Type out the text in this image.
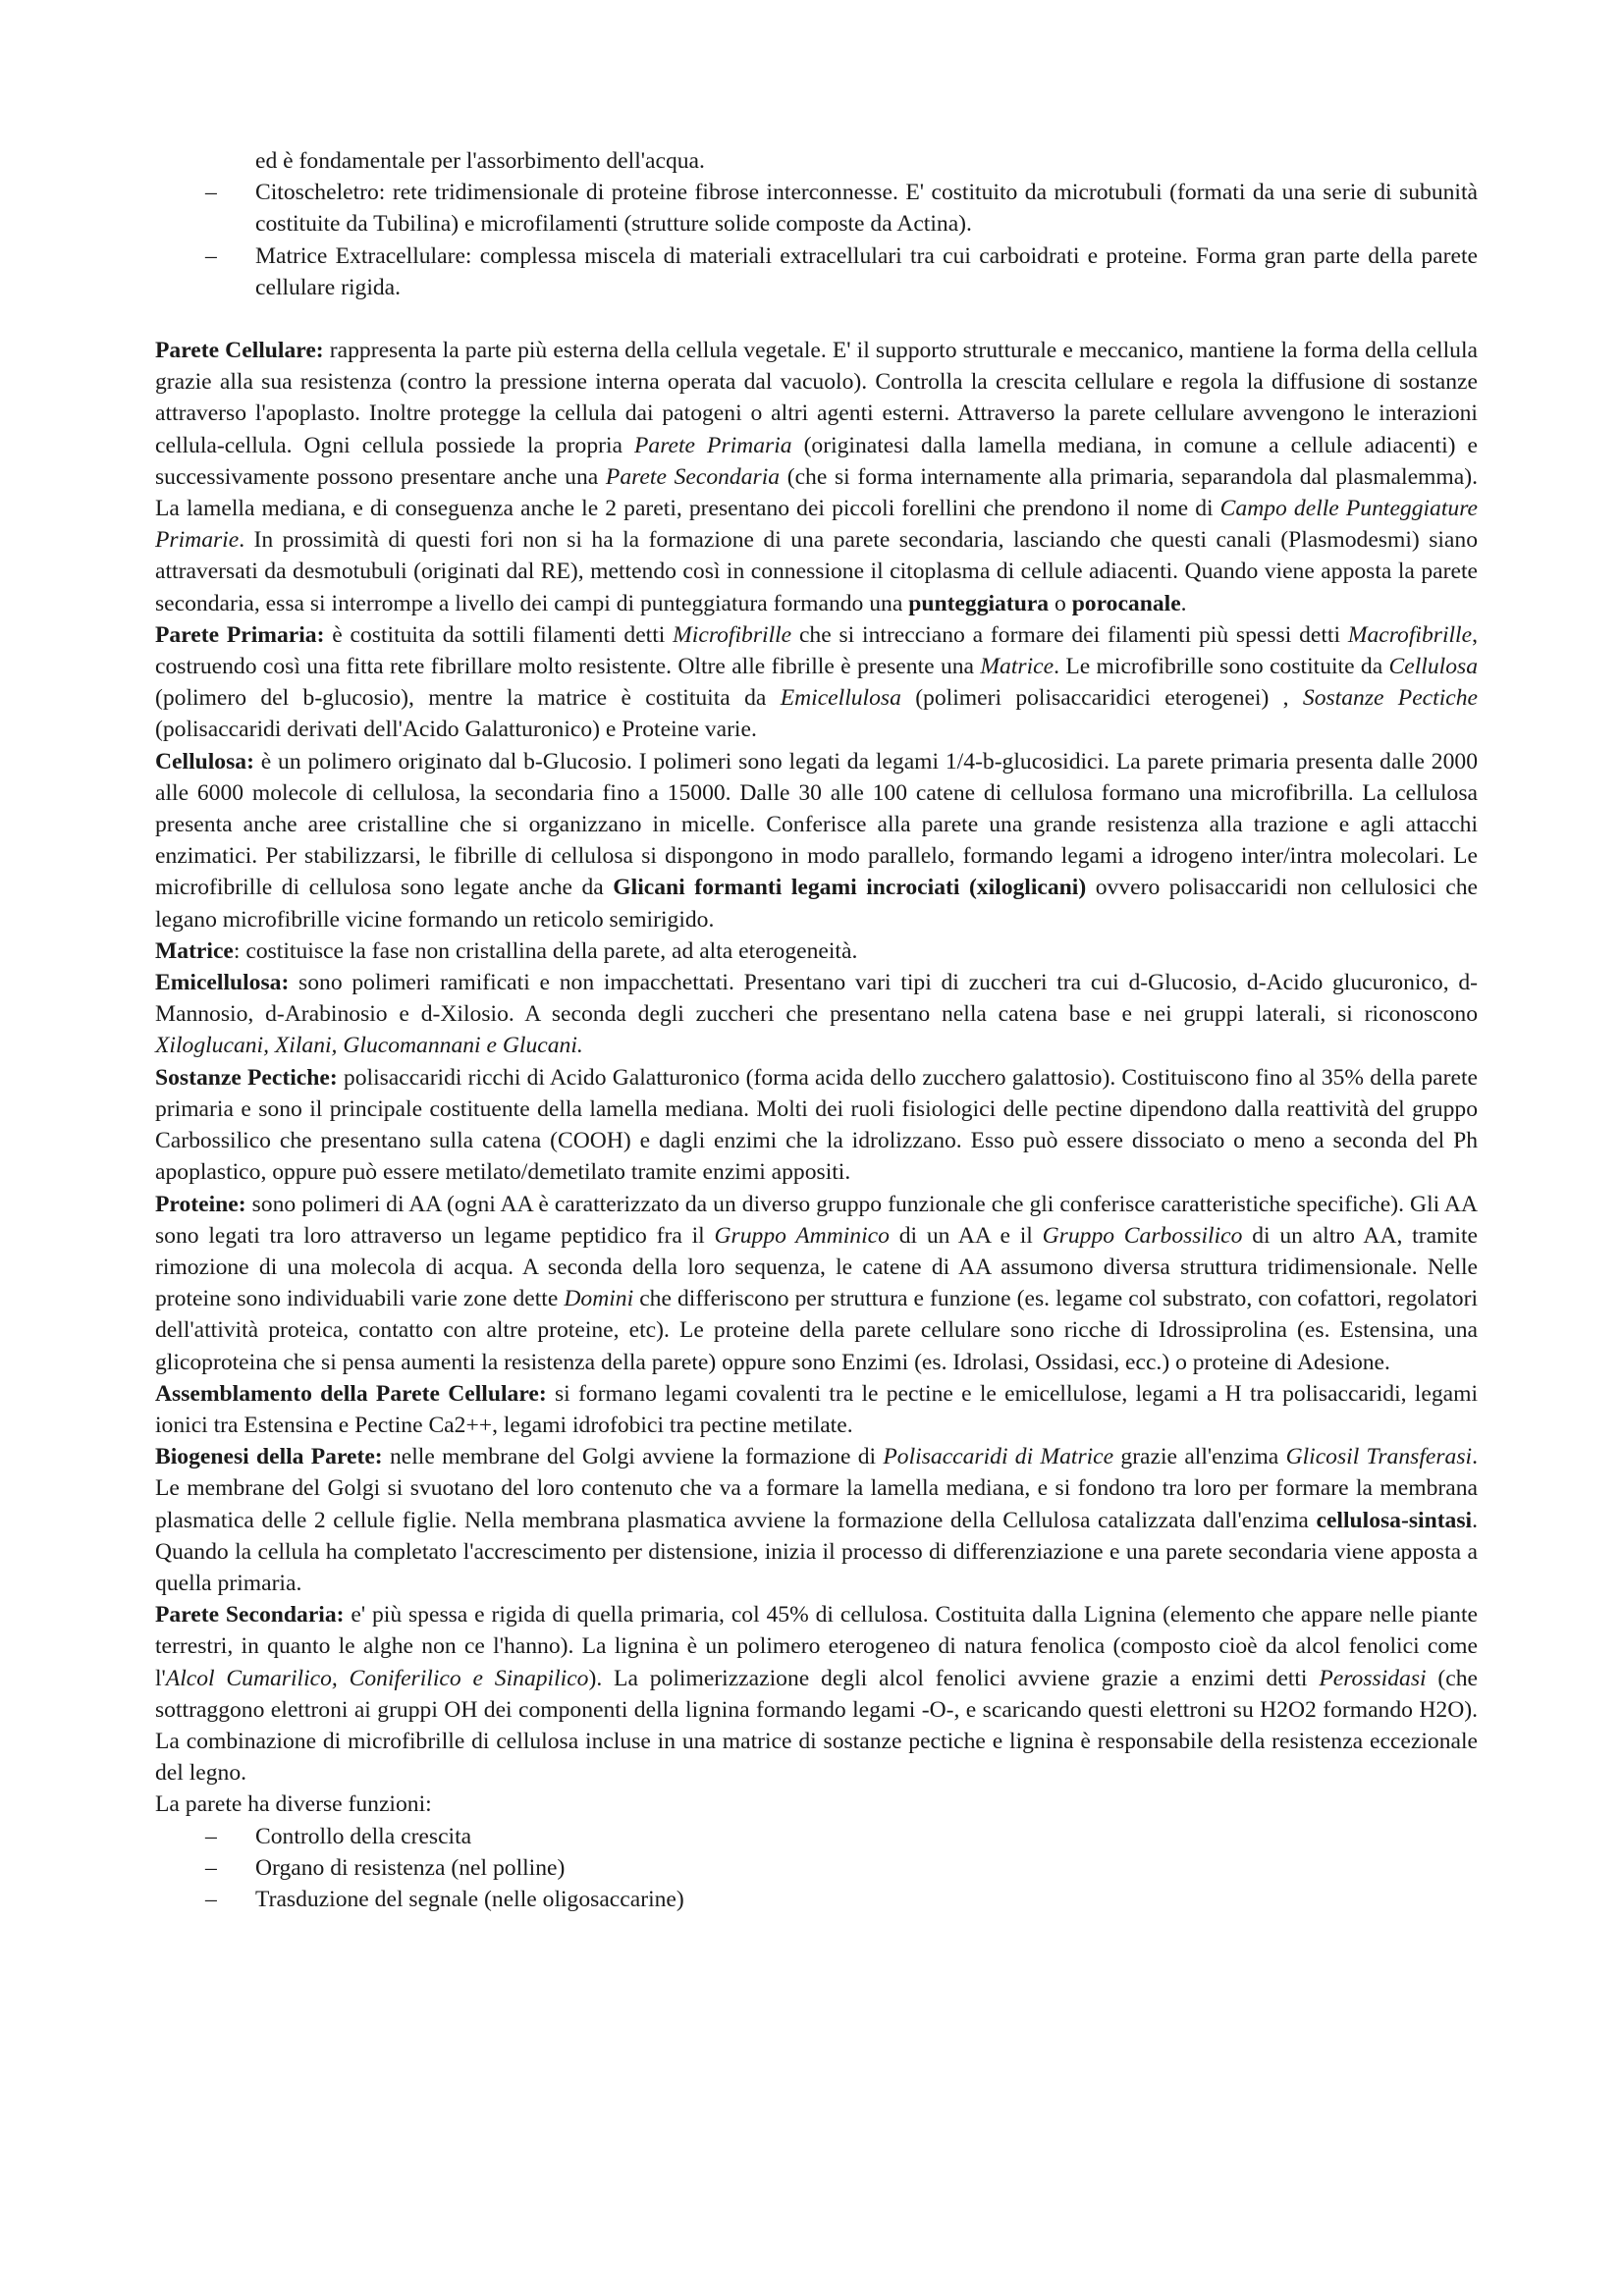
ed è fondamentale per l'assorbimento dell'acqua.
–
Citoscheletro: rete tridimensionale di proteine fibrose interconnesse. E' costituito da microtubuli (formati da una serie di subunità costituite da Tubilina) e microfilamenti (strutture solide composte da Actina).
–
Matrice Extracellulare: complessa miscela di materiali extracellulari tra cui carboidrati e proteine. Forma gran parte della parete cellulare rigida.

Parete Cellulare: rappresenta la parte più esterna della cellula vegetale. E' il supporto strutturale e meccanico, mantiene la forma della cellula grazie alla sua resistenza (contro la pressione interna operata dal vacuolo). Controlla la crescita cellulare e regola la diffusione di sostanze attraverso l'apoplasto. Inoltre protegge la cellula dai patogeni o altri agenti esterni. Attraverso la parete cellulare avvengono le interazioni cellula-cellula. Ogni cellula possiede la propria Parete Primaria (originatesi dalla lamella mediana, in comune a cellule adiacenti) e successivamente possono presentare anche una Parete Secondaria (che si forma internamente alla primaria, separandola dal plasmalemma). La lamella mediana, e di conseguenza anche le 2 pareti, presentano dei piccoli forellini che prendono il nome di Campo delle Punteggiature Primarie. In prossimità di questi fori non si ha la formazione di una parete secondaria, lasciando che questi canali (Plasmodesmi) siano attraversati da desmotubuli (originati dal RE), mettendo così in connessione il citoplasma di cellule adiacenti. Quando viene apposta la parete secondaria, essa si interrompe a livello dei campi di punteggiatura formando una punteggiatura o porocanale.

Parete Primaria: è costituita da sottili filamenti detti Microfibrille che si intrecciano a formare dei filamenti più spessi detti Macrofibrille, costruendo così una fitta rete fibrillare molto resistente. Oltre alle fibrille è presente una Matrice. Le microfibrille sono costituite da Cellulosa (polimero del b-glucosio), mentre la matrice è costituita da Emicellulosa (polimeri polisaccaridici eterogenei) , Sostanze Pectiche (polisaccaridi derivati dell'Acido Galatturonico) e Proteine varie.

Cellulosa: è un polimero originato dal b-Glucosio. I polimeri sono legati da legami 1/4-b-glucosidici. La parete primaria presenta dalle 2000 alle 6000 molecole di cellulosa, la secondaria fino a 15000. Dalle 30 alle 100 catene di cellulosa formano una microfibrilla. La cellulosa presenta anche aree cristalline che si organizzano in micelle. Conferisce alla parete una grande resistenza alla trazione e agli attacchi enzimatici. Per stabilizzarsi, le fibrille di cellulosa si dispongono in modo parallelo, formando legami a idrogeno inter/intra molecolari. Le microfibrille di cellulosa sono legate anche da Glicani formanti legami incrociati (xiloglicani) ovvero polisaccaridi non cellulosici che legano microfibrille vicine formando un reticolo semirigido.

Matrice: costituisce la fase non cristallina della parete, ad alta eterogeneità.

Emicellulosa: sono polimeri ramificati e non impacchettati. Presentano vari tipi di zuccheri tra cui d-Glucosio, d-Acido glucuronico, d-Mannosio, d-Arabinosio e d-Xilosio. A seconda degli zuccheri che presentano nella catena base e nei gruppi laterali, si riconoscono Xiloglucani, Xilani, Glucomannani e Glucani.

Sostanze Pectiche: polisaccaridi ricchi di Acido Galatturonico (forma acida dello zucchero galattosio). Costituiscono fino al 35% della parete primaria e sono il principale costituente della lamella mediana. Molti dei ruoli fisiologici delle pectine dipendono dalla reattività del gruppo Carbossilico che presentano sulla catena (COOH) e dagli enzimi che la idrolizzano. Esso può essere dissociato o meno a seconda del Ph apoplastico, oppure può essere metilato/demetilato tramite enzimi appositi.

Proteine: sono polimeri di AA (ogni AA è caratterizzato da un diverso gruppo funzionale che gli conferisce caratteristiche specifiche). Gli AA sono legati tra loro attraverso un legame peptidico fra il Gruppo Amminico di un AA e il Gruppo Carbossilico di un altro AA, tramite rimozione di una molecola di acqua. A seconda della loro sequenza, le catene di AA assumono diversa struttura tridimensionale. Nelle proteine sono individuabili varie zone dette Domini che differiscono per struttura e funzione (es. legame col substrato, con cofattori, regolatori dell'attività proteica, contatto con altre proteine, etc). Le proteine della parete cellulare sono ricche di Idrossiprolina (es. Estensina, una glicoproteina che si pensa aumenti la resistenza della parete) oppure sono Enzimi (es. Idrolasi, Ossidasi, ecc.) o proteine di Adesione.

Assemblamento della Parete Cellulare: si formano legami covalenti tra le pectine e le emicellulose, legami a H tra polisaccaridi, legami ionici tra Estensina e Pectine Ca2++, legami idrofobici tra pectine metilate.

Biogenesi della Parete: nelle membrane del Golgi avviene la formazione di Polisaccaridi di Matrice grazie all'enzima Glicosil Transferasi. Le membrane del Golgi si svuotano del loro contenuto che va a formare la lamella mediana, e si fondono tra loro per formare la membrana plasmatica delle 2 cellule figlie. Nella membrana plasmatica avviene la formazione della Cellulosa catalizzata dall'enzima cellulosa-sintasi. Quando la cellula ha completato l'accrescimento per distensione, inizia il processo di differenziazione e una parete secondaria viene apposta a quella primaria.

Parete Secondaria: e' più spessa e rigida di quella primaria, col 45% di cellulosa. Costituita dalla Lignina (elemento che appare nelle piante terrestri, in quanto le alghe non ce l'hanno). La lignina è un polimero eterogeneo di natura fenolica (composto cioè da alcol fenolici come l'Alcol Cumarilico, Coniferilico e Sinapilico). La polimerizzazione degli alcol fenolici avviene grazie a enzimi detti Perossidasi (che sottraggono elettroni ai gruppi OH dei componenti della lignina formando legami -O-, e scaricando questi elettroni su H2O2 formando H2O). La combinazione di microfibrille di cellulosa incluse in una matrice di sostanze pectiche e lignina è responsabile della resistenza eccezionale del legno.

La parete ha diverse funzioni:

–
Controllo della crescita
–
Organo di resistenza (nel polline)
–
Trasduzione del segnale (nelle oligosaccarine)
